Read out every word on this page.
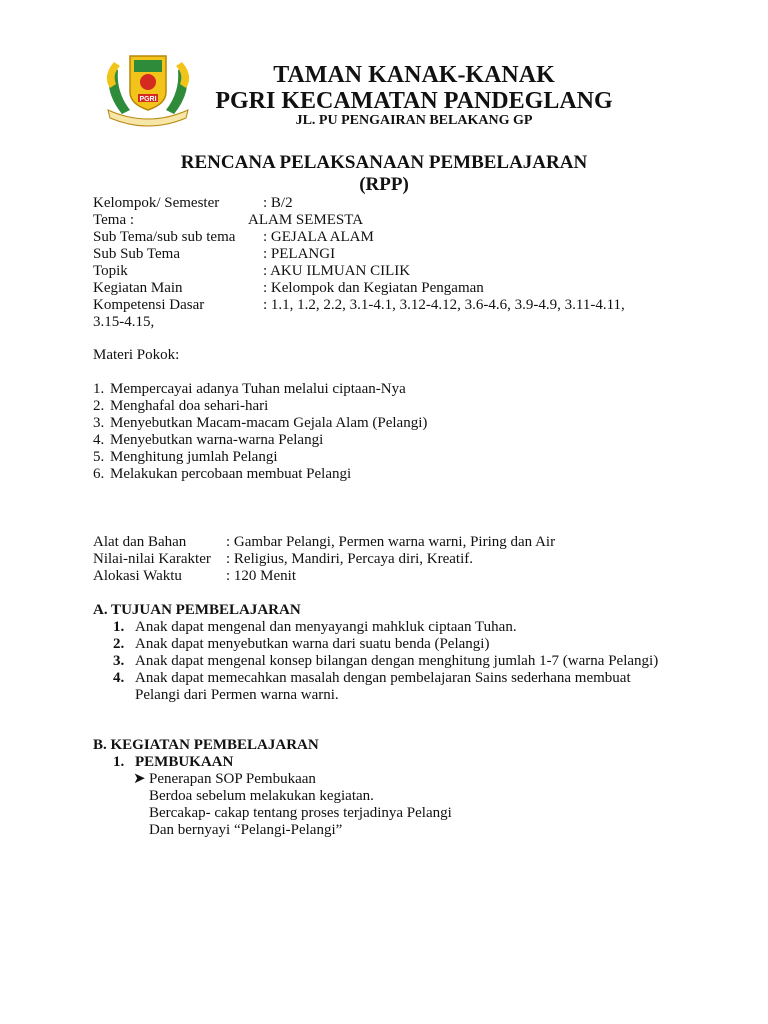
PGRI
TAMAN KANAK-KANAK
PGRI KECAMATAN PANDEGLANG
JL. PU PENGAIRAN BELAKANG GP
RENCANA PELAKSANAAN PEMBELAJARAN
(RPP)
Kelompok/ Semester	: B/2
Tema :	ALAM SEMESTA
Sub Tema/sub sub tema : GEJALA ALAM
Sub Sub Tema	: PELANGI
Topik	: AKU ILMUAN CILIK
Kegiatan Main	: Kelompok dan Kegiatan Pengaman
Kompetensi Dasar	: 1.1, 1.2, 2.2, 3.1-4.1, 3.12-4.12, 3.6-4.6, 3.9-4.9, 3.11-4.11,
3.15-4.15,
Materi Pokok:
1. Mempercayai adanya Tuhan melalui ciptaan-Nya
2. Menghafal doa sehari-hari
3. Menyebutkan Macam-macam Gejala Alam (Pelangi)
4. Menyebutkan warna-warna Pelangi
5. Menghitung jumlah Pelangi
6. Melakukan percobaan membuat Pelangi
Alat dan Bahan	: Gambar Pelangi, Permen warna warni, Piring dan Air
Nilai-nilai Karakter : Religius, Mandiri, Percaya diri, Kreatif.
Alokasi Waktu	: 120 Menit
A. TUJUAN PEMBELAJARAN
1. Anak dapat mengenal dan menyayangi mahkluk ciptaan Tuhan.
2. Anak dapat menyebutkan warna dari suatu benda (Pelangi)
3. Anak dapat mengenal konsep bilangan dengan menghitung jumlah 1-7 (warna Pelangi)
4. Anak dapat memecahkan masalah dengan pembelajaran Sains sederhana membuat
Pelangi dari Permen warna warni.
B. KEGIATAN PEMBELAJARAN
1. PEMBUKAAN
➤ Penerapan SOP Pembukaan
Berdoa sebelum melakukan kegiatan.
Bercakap- cakap tentang proses terjadinya Pelangi
Dan bernyayi “Pelangi-Pelangi”
